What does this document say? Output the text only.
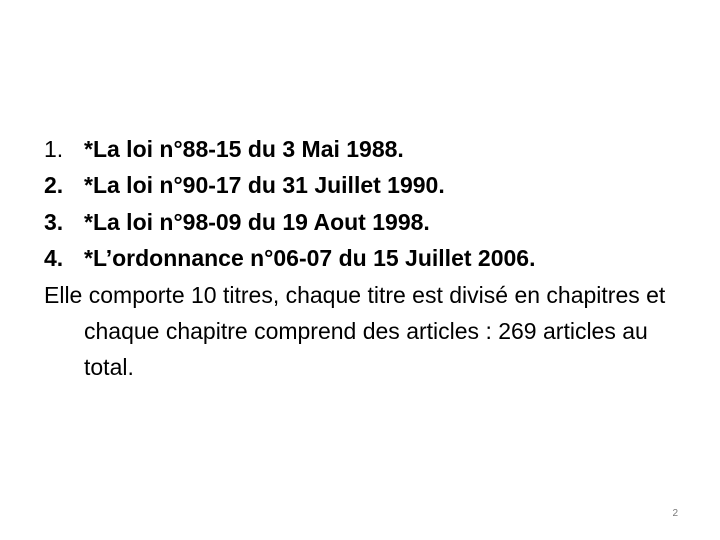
1. *La loi n°88-15 du 3 Mai 1988.
2. *La loi n°90-17 du 31 Juillet 1990.
3. *La loi n°98-09 du 19 Aout 1998.
4. *L’ordonnance n°06-07 du 15 Juillet 2006.
Elle comporte 10 titres, chaque titre est divisé en chapitres et chaque chapitre comprend des articles : 269 articles au total.
2
